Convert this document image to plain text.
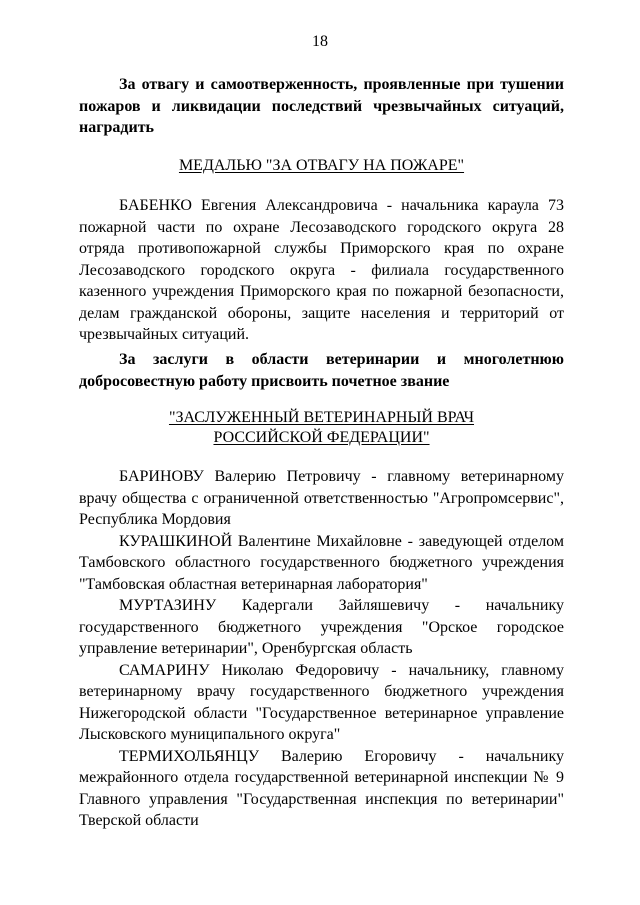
18
За отвагу и самоотверженность, проявленные при тушении пожаров и ликвидации последствий чрезвычайных ситуаций, наградить
МЕДАЛЬЮ "ЗА ОТВАГУ НА ПОЖАРЕ"

БАБЕНКО Евгения Александровича - начальника караула 73 пожарной части по охране Лесозаводского городского округа 28 отряда противопожарной службы Приморского края по охране Лесозаводского городского округа - филиала государственного казенного учреждения Приморского края по пожарной безопасности, делам гражданской обороны, защите населения и территорий от чрезвычайных ситуаций.

За заслуги в области ветеринарии и многолетнюю добросовестную работу присвоить почетное звание
"ЗАСЛУЖЕННЫЙ ВЕТЕРИНАРНЫЙ ВРАЧ
РОССИЙСКОЙ ФЕДЕРАЦИИ"

БАРИНОВУ Валерию Петровичу - главному ветеринарному врачу общества с ограниченной ответственностью "Агропромсервис", Республика Мордовия

КУРАШКИНОЙ Валентине Михайловне - заведующей отделом Тамбовского областного государственного бюджетного учреждения "Тамбовская областная ветеринарная лаборатория"

МУРТАЗИНУ Кадергали Зайляшевичу - начальнику государственного бюджетного учреждения "Орское городское управление ветеринарии", Оренбургская область

САМАРИНУ Николаю Федоровичу - начальнику, главному ветеринарному врачу государственного бюджетного учреждения Нижегородской области "Государственное ветеринарное управление Лысковского муниципального округа"

ТЕРМИХОЛЬЯНЦУ Валерию Егоровичу - начальнику межрайонного отдела государственной ветеринарной инспекции № 9 Главного управления "Государственная инспекция по ветеринарии" Тверской области
